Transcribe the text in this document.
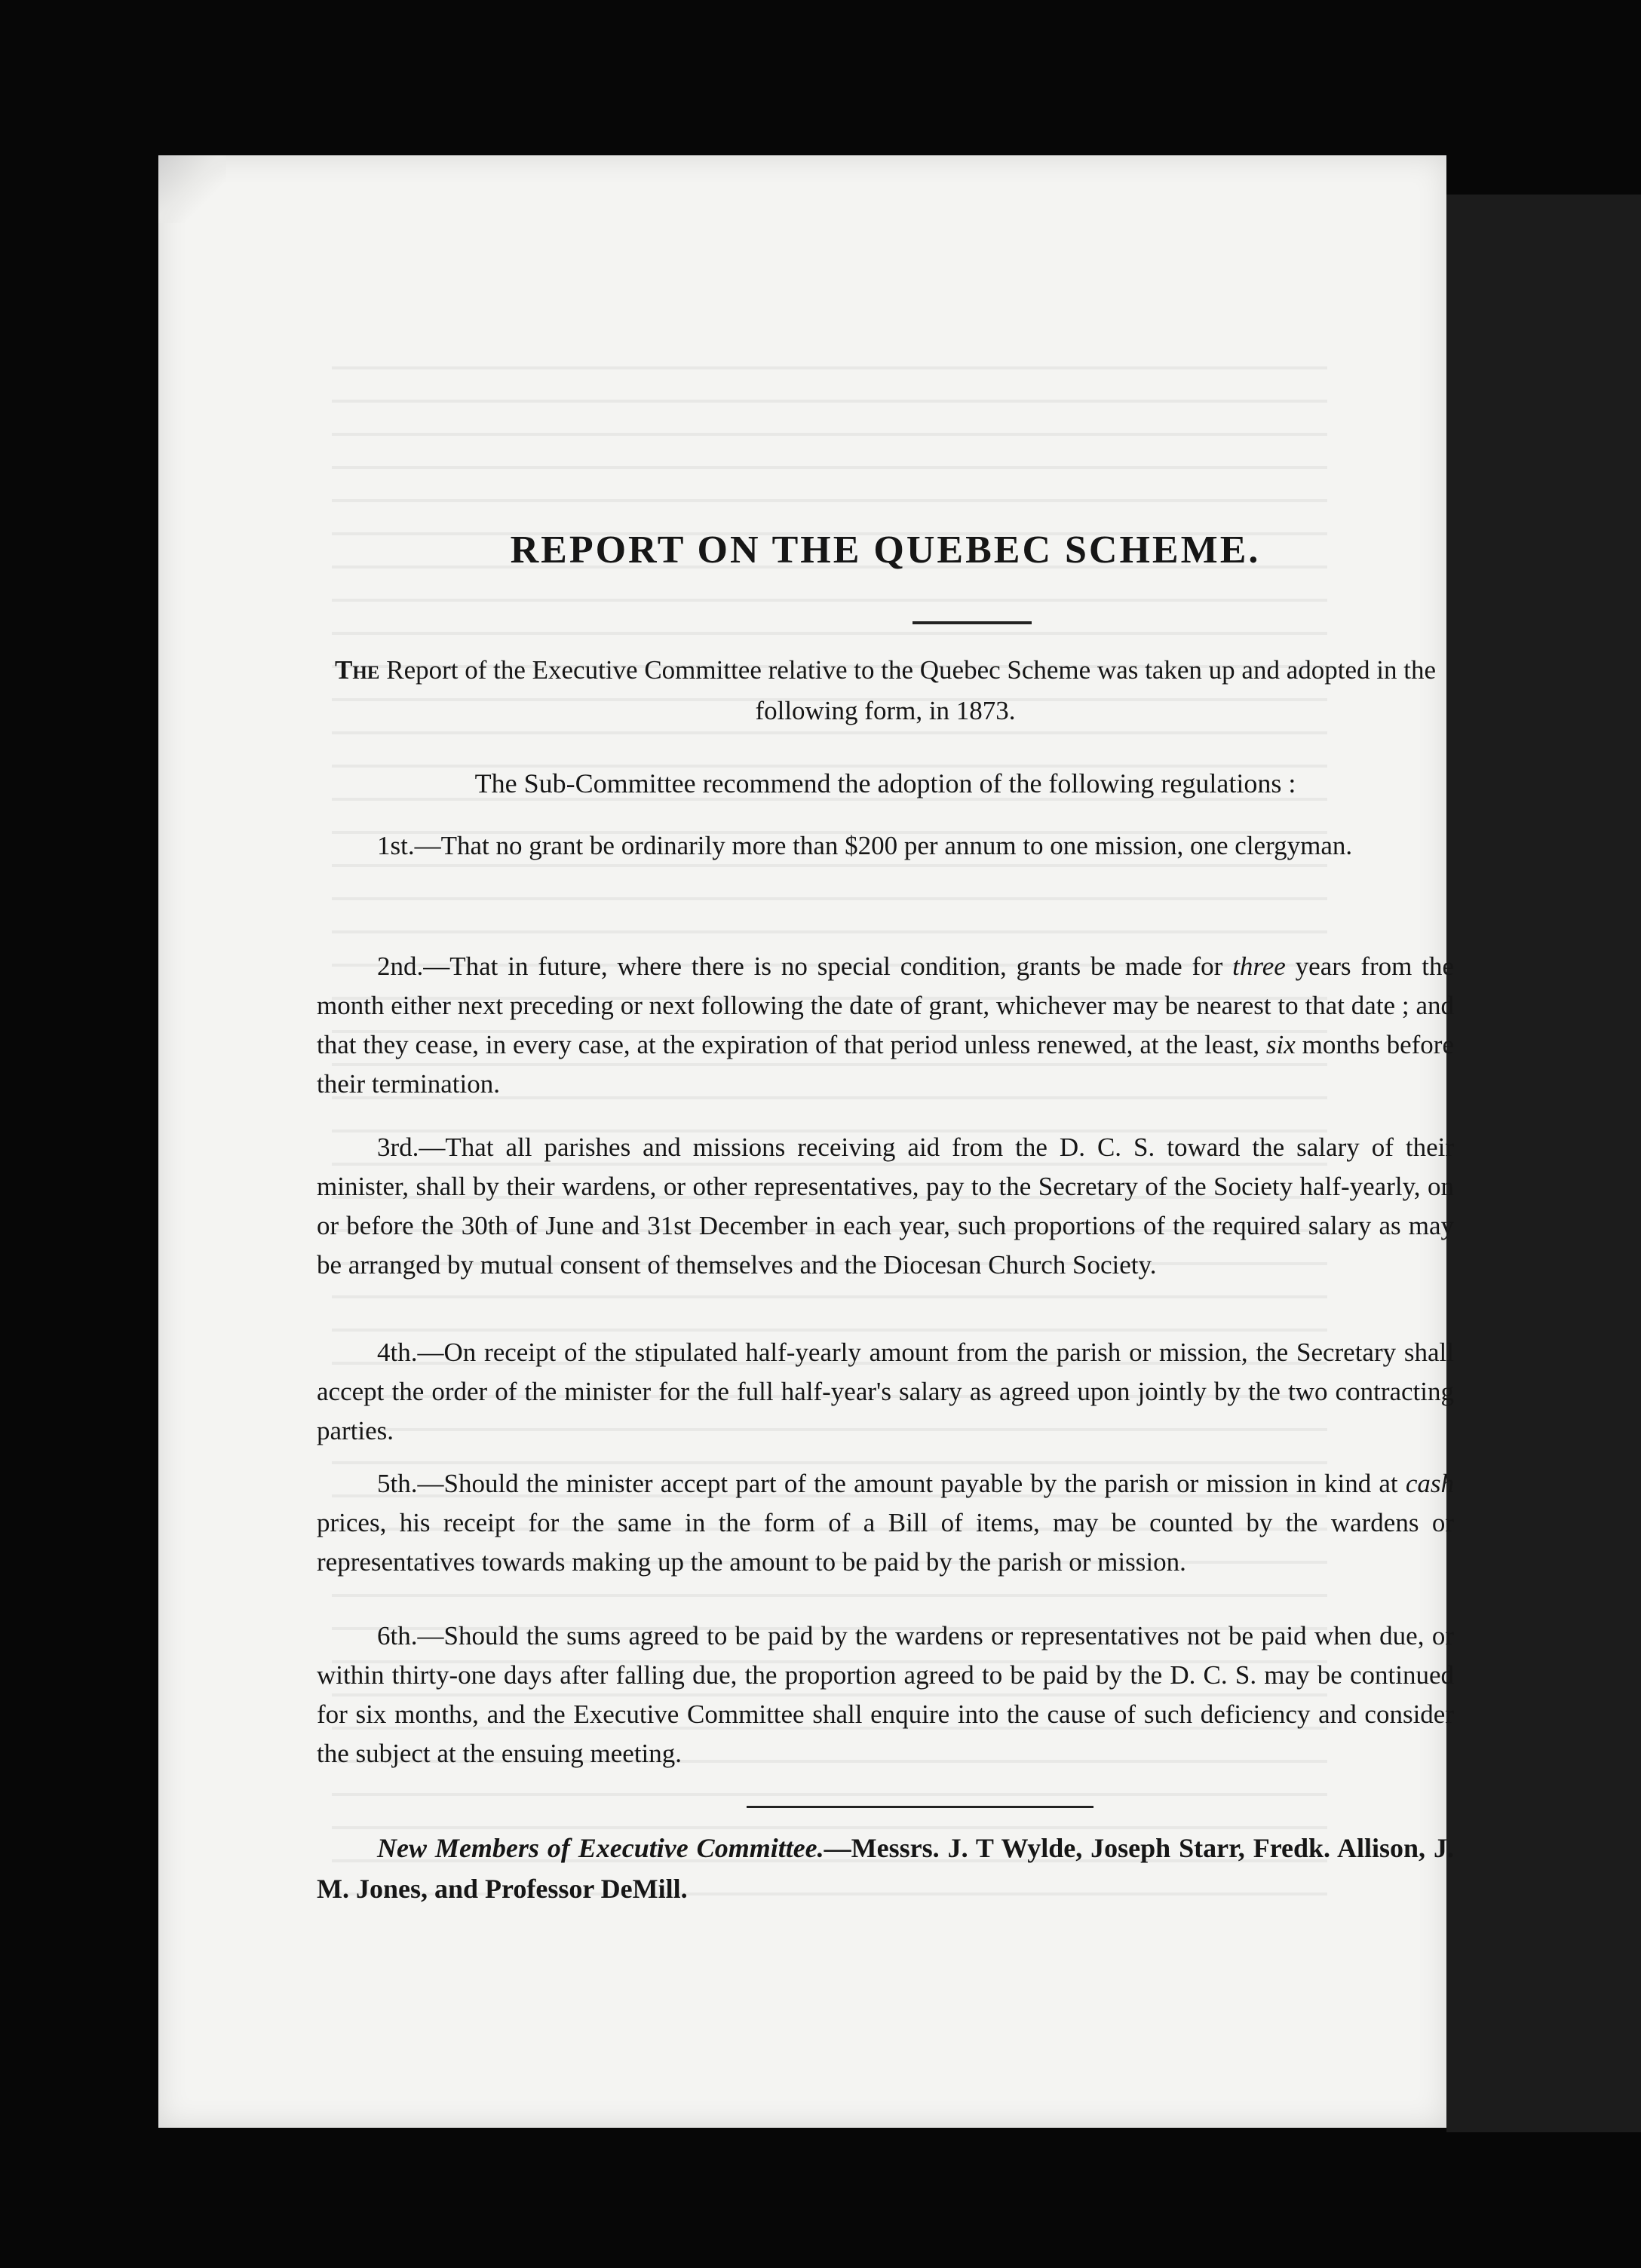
REPORT ON THE QUEBEC SCHEME.

The Report of the Executive Committee relative to the Quebec Scheme was taken up and adopted in the following form, in 1873.

The Sub-Committee recommend the adoption of the following regulations :

1st.—That no grant be ordinarily more than $200 per annum to one mission, one clergyman.

2nd.—That in future, where there is no special condition, grants be made for three years from the month either next preceding or next following the date of grant, whichever may be nearest to that date ; and that they cease, in every case, at the expiration of that period unless renewed, at the least, six months before their termination.

3rd.—That all parishes and missions receiving aid from the D. C. S. toward the salary of their minister, shall by their wardens, or other representatives, pay to the Secretary of the Society half-yearly, on or before the 30th of June and 31st December in each year, such proportions of the required salary as may be arranged by mutual consent of themselves and the Diocesan Church Society.

4th.—On receipt of the stipulated half-yearly amount from the parish or mission, the Secretary shall accept the order of the minister for the full half-year's salary as agreed upon jointly by the two contracting parties.

5th.—Should the minister accept part of the amount payable by the parish or mission in kind at cash prices, his receipt for the same in the form of a Bill of items, may be counted by the wardens or representatives towards making up the amount to be paid by the parish or mission.

6th.—Should the sums agreed to be paid by the wardens or representatives not be paid when due, or within thirty-one days after falling due, the proportion agreed to be paid by the D. C. S. may be continued for six months, and the Executive Committee shall enquire into the cause of such deficiency and consider the subject at the ensuing meeting.

New Members of Executive Committee.—Messrs. J. T Wylde, Joseph Starr, Fredk. Allison, J. M. Jones, and Professor DeMill.
